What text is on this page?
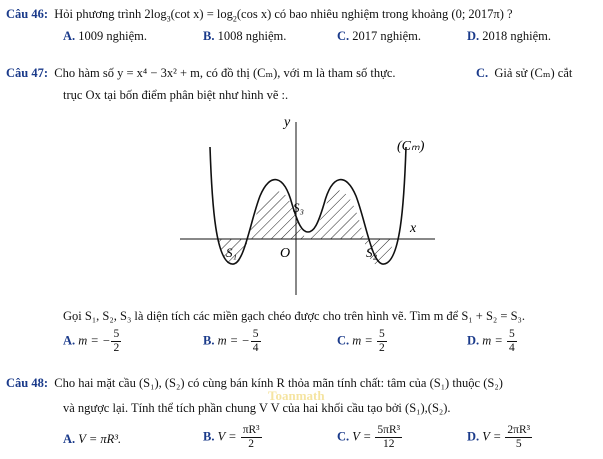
Câu 46: Hỏi phương trình $2\log_3(\cot$ $x) = \log_2(\cos$ x) có bao nhiêu nghiệm trong khoảng (0; 2017π) ?
A. 1009 nghiệm.	B. 1008 nghiệm.	C. 2017 nghiệm.	D. 2018 nghiệm.
Câu 47: Cho hàm số y = x⁴ − 3x² + m, có đồ thị (Cₘ), với m là tham số thực.	C. Giả sử (Cₘ) cắt
trục Ox tại bốn điểm phân biệt như hình vẽ :.
y
x
O
(Cₘ)
S₁	S₂
S₃
Gọi S₁, S₂, S₃ là diện tích các miền gạch chéo được cho trên hình vẽ. Tìm m để S₁ + S₂ = S₃.
A. m = − $\frac{5}{2}$	B. m = − $\frac{5}{4}$	C. $m = \frac{5}{2}$	D. $m = \frac{5}{4}$
Câu 48: Cho hai mặt cầu (S₁), (S₂) có cùng bán kính R thỏa mãn tính chất: tâm của (S₁) thuộc (S₂)
và ngược lại. Tính thể tích phần chung V V của hai khối cầu tạo bởi (S₁),(S₂).
Toanmath
A. V = πR³.	B. $V = \frac{\text{πR³}}{2}$	C. $V = \frac{\text{5πR³}}{12}$	D. $V = \frac{\text{2πR³}}{5}$
